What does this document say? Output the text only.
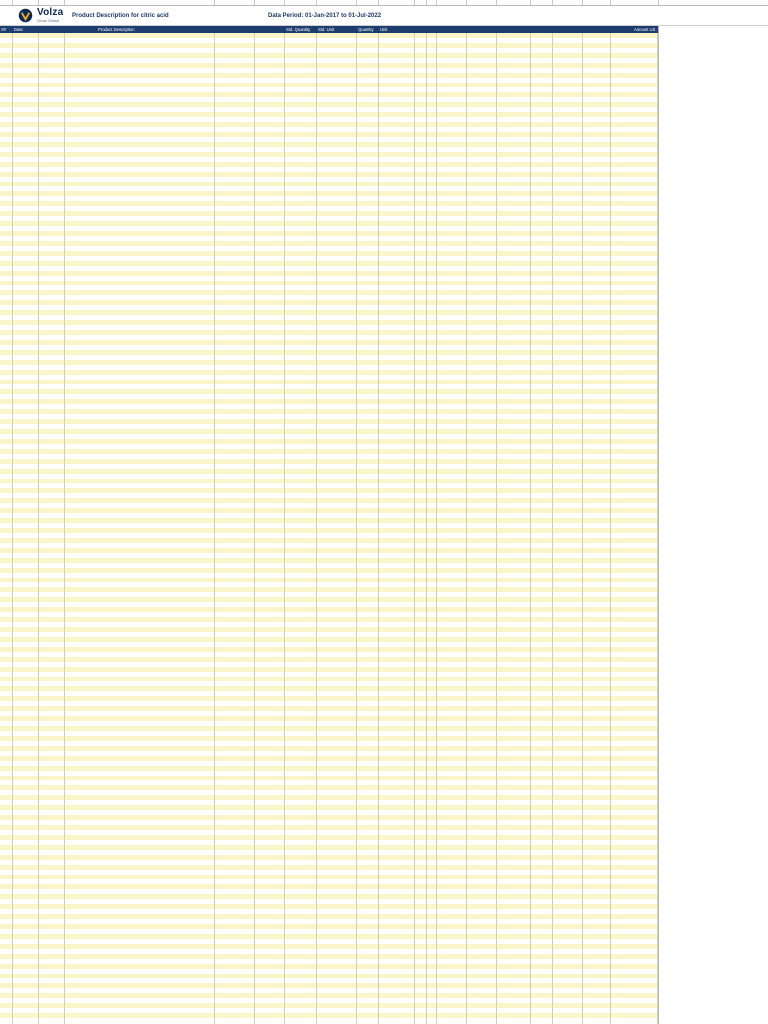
Volza
Grow Global
Product Description for citric acid	Data Period: 01-Jan-2017 to 01-Jul-2022
S#	Date	Product Description	Std. Quantity	Std. Unit	Quantity	Unit	Amount US
